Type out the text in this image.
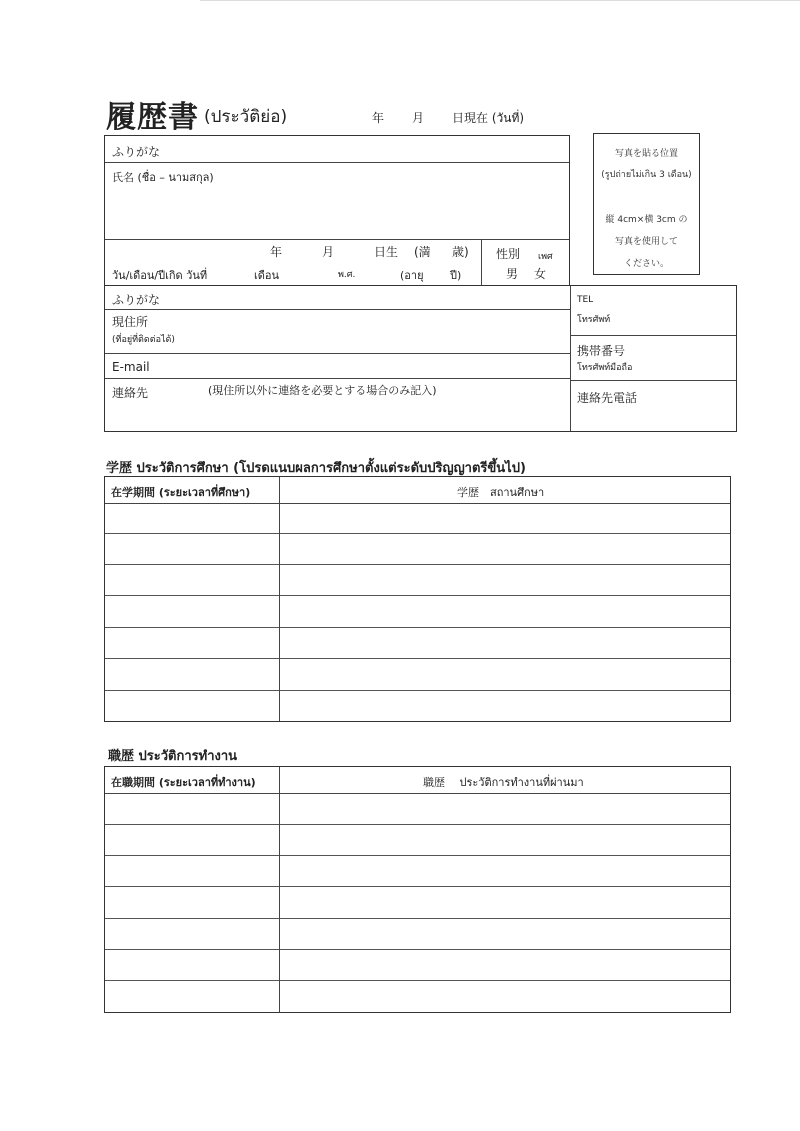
履歴書 (ประวัติย่อ)	年 月 日現在 (วันที่)
写真を貼る位置
(รูปถ่ายไม่เกิน 3 เดือน)
縦 4cm×横 3cm の
写真を使用して
ください。
ふりがな
氏名 (ชื่อ – นามสกุล)
年	月	日生 (満 歳)
วัน/เดือน/ปีเกิด วันที่	เดือน	พ.ศ.	(อายุ ปี)
性別 เพศ
男 女
ふりがな
現住所
(ที่อยู่ที่ติดต่อได้)
E-mail
連絡先	(現住所以外に連絡を必要とする場合のみ記入)
TEL
โทรศัพท์
携帯番号
โทรศัพท์มือถือ
連絡先電話
学歴 ประวัติการศึกษา (โปรดแนบผลการศึกษาตั้งแต่ระดับปริญญาตรีขึ้นไป)
在学期間 (ระยะเวลาที่ศึกษา)	学歴　สถานศึกษา
職歴 ประวัติการทำงาน
在職期間 (ระยะเวลาที่ทำงาน)	職歴　 ประวัติการทำงานที่ผ่านมา
